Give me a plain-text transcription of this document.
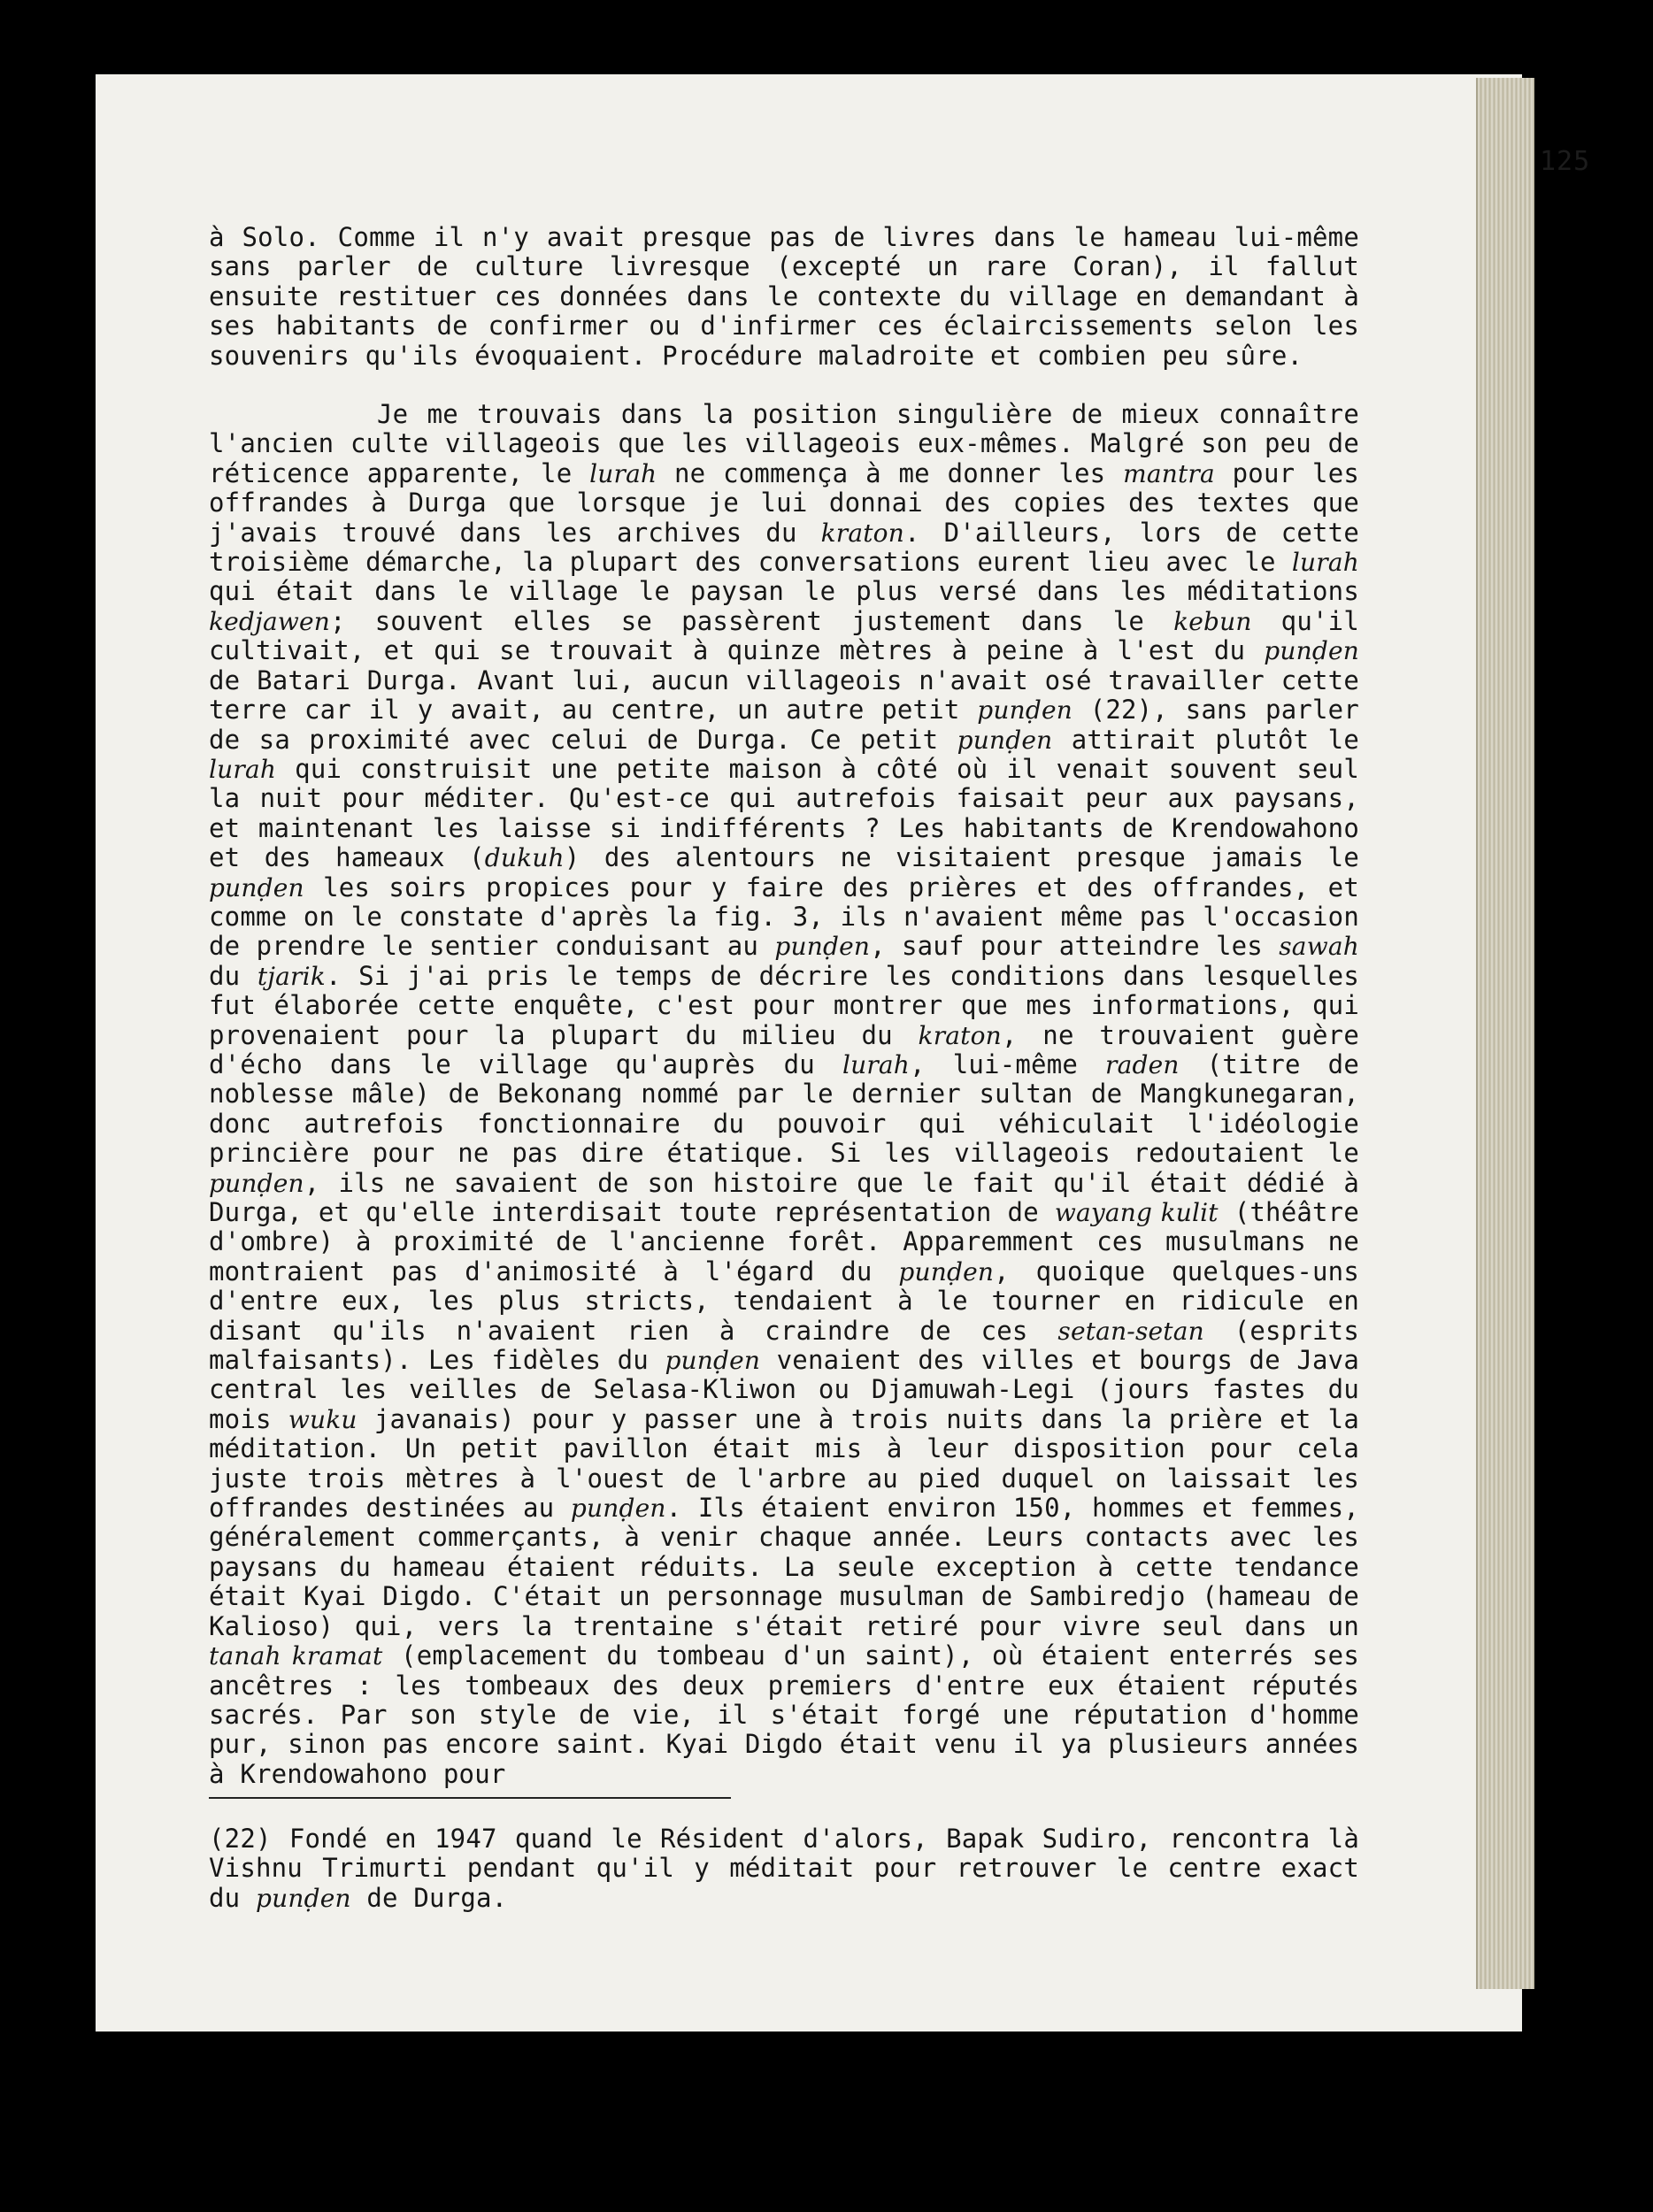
125

à Solo. Comme il n'y avait presque pas de livres dans le hameau lui-même sans parler de culture livresque (excepté un rare Coran), il fallut ensuite restituer ces données dans le contexte du village en demandant à ses habitants de confirmer ou d'infirmer ces éclaircissements selon les souvenirs qu'ils évoquaient. Procédure maladroite et combien peu sûre.

Je me trouvais dans la position singulière de mieux connaître l'ancien culte villageois que les villageois eux-mêmes. Malgré son peu de réticence apparente, le lurah ne commença à me donner les mantra pour les offrandes à Durga que lorsque je lui donnai des copies des textes que j'avais trouvé dans les archives du kraton. D'ailleurs, lors de cette troisième démarche, la plupart des conversations eurent lieu avec le lurah qui était dans le village le paysan le plus versé dans les méditations kedjawen; souvent elles se passèrent justement dans le kebun qu'il cultivait, et qui se trouvait à quinze mètres à peine à l'est du punḍen de Batari Durga. Avant lui, aucun villageois n'avait osé travailler cette terre car il y avait, au centre, un autre petit punḍen (22), sans parler de sa proximité avec celui de Durga. Ce petit punḍen attirait plutôt le lurah qui construisit une petite maison à côté où il venait souvent seul la nuit pour méditer. Qu'est-ce qui autrefois faisait peur aux paysans, et maintenant les laisse si indifférents ? Les habitants de Krendowahono et des hameaux (dukuh) des alentours ne visitaient presque jamais le punḍen les soirs propices pour y faire des prières et des offrandes, et comme on le constate d'après la fig. 3, ils n'avaient même pas l'occasion de prendre le sentier conduisant au punḍen, sauf pour atteindre les sawah du tjarik. Si j'ai pris le temps de décrire les conditions dans lesquelles fut élaborée cette enquête, c'est pour montrer que mes informations, qui provenaient pour la plupart du milieu du kraton, ne trouvaient guère d'écho dans le village qu'auprès du lurah, lui-même raden (titre de noblesse mâle) de Bekonang nommé par le dernier sultan de Mangkunegaran, donc autrefois fonctionnaire du pouvoir qui véhiculait l'idéologie princière pour ne pas dire étatique. Si les villageois redoutaient le punḍen, ils ne savaient de son histoire que le fait qu'il était dédié à Durga, et qu'elle interdisait toute représentation de wayang kulit (théâtre d'ombre) à proximité de l'ancienne forêt. Apparemment ces musulmans ne montraient pas d'animosité à l'égard du punḍen, quoique quelques-uns d'entre eux, les plus stricts, tendaient à le tourner en ridicule en disant qu'ils n'avaient rien à craindre de ces setan-setan (esprits malfaisants). Les fidèles du punḍen venaient des villes et bourgs de Java central les veilles de Selasa-Kliwon ou Djamuwah-Legi (jours fastes du mois wuku javanais) pour y passer une à trois nuits dans la prière et la méditation. Un petit pavillon était mis à leur disposition pour cela juste trois mètres à l'ouest de l'arbre au pied duquel on laissait les offrandes destinées au punḍen. Ils étaient environ 150, hommes et femmes, généralement commerçants, à venir chaque année. Leurs contacts avec les paysans du hameau étaient réduits. La seule exception à cette tendance était Kyai Digdo. C'était un personnage musulman de Sambiredjo (hameau de Kalioso) qui, vers la trentaine s'était retiré pour vivre seul dans un tanah kramat (emplacement du tombeau d'un saint), où étaient enterrés ses ancêtres : les tombeaux des deux premiers d'entre eux étaient réputés sacrés. Par son style de vie, il s'était forgé une réputation d'homme pur, sinon pas encore saint. Kyai Digdo était venu il ya plusieurs années à Krendowahono pour

(22) Fondé en 1947 quand le Résident d'alors, Bapak Sudiro, rencontra là Vishnu Trimurti pendant qu'il y méditait pour retrouver le centre exact du punḍen de Durga.
